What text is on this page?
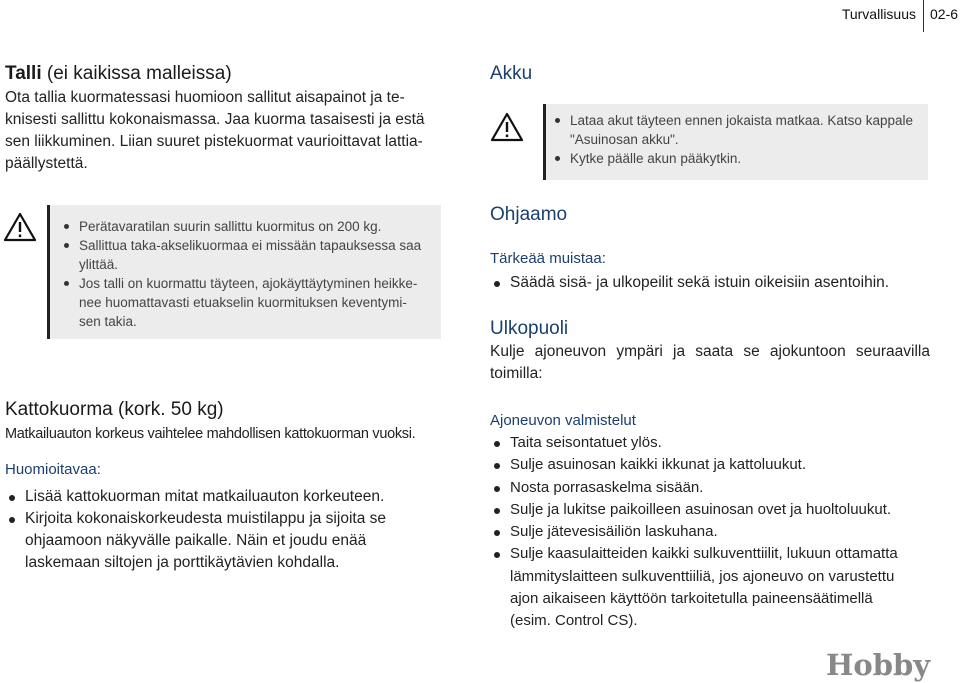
Turvallisuus 02-6
Talli (ei kaikissa malleissa)
Ota tallia kuormatessasi huomioon sallitut aisapainot ja te-
knisesti sallittu kokonaismassa. Jaa kuorma tasaisesti ja estä
sen liikkuminen. Liian suuret pistekuormat vaurioittavat lattia-
päällystettä.
Perätavaratilan suurin sallittu kuormitus on 200 kg.
Sallittua taka-akselikuormaa ei missään tapauksessa saa
ylittää.
Jos talli on kuormattu täyteen, ajokäyttäytyminen heikke-
nee huomattavasti etuakselin kuormituksen keventymi-
sen takia.
Kattokuorma (kork. 50 kg)
Matkailuauton korkeus vaihtelee mahdollisen kattokuorman vuoksi.
Huomioitavaa:
Lisää kattokuorman mitat matkailuauton korkeuteen.
Kirjoita kokonaiskorkeudesta muistilappu ja sijoita se
ohjaamoon näkyvälle paikalle. Näin et joudu enää
laskemaan siltojen ja porttikäytävien kohdalla.
Akku
Lataa akut täyteen ennen jokaista matkaa. Katso kappale
"Asuinosan akku".
Kytke päälle akun pääkytkin.
Ohjaamo
Tärkeää muistaa:
Säädä sisä- ja ulkopeilit sekä istuin oikeisiin asentoihin.
Ulkopuoli
Kulje ajoneuvon ympäri ja saata se ajokuntoon seuraavilla
toimilla:
Ajoneuvon valmistelut
Taita seisontatuet ylös.
Sulje asuinosan kaikki ikkunat ja kattoluukut.
Nosta porrasaskelma sisään.
Sulje ja lukitse paikoilleen asuinosan ovet ja huoltoluukut.
Sulje jätevesisäiliön laskuhana.
Sulje kaasulaitteiden kaikki sulkuventtiilit, lukuun ottamatta
lämmityslaitteen sulkuventtiiliä, jos ajoneuvo on varustettu
ajon aikaiseen käyttöön tarkoitetulla paineensäätimellä
(esim. Control CS).
Hobby
